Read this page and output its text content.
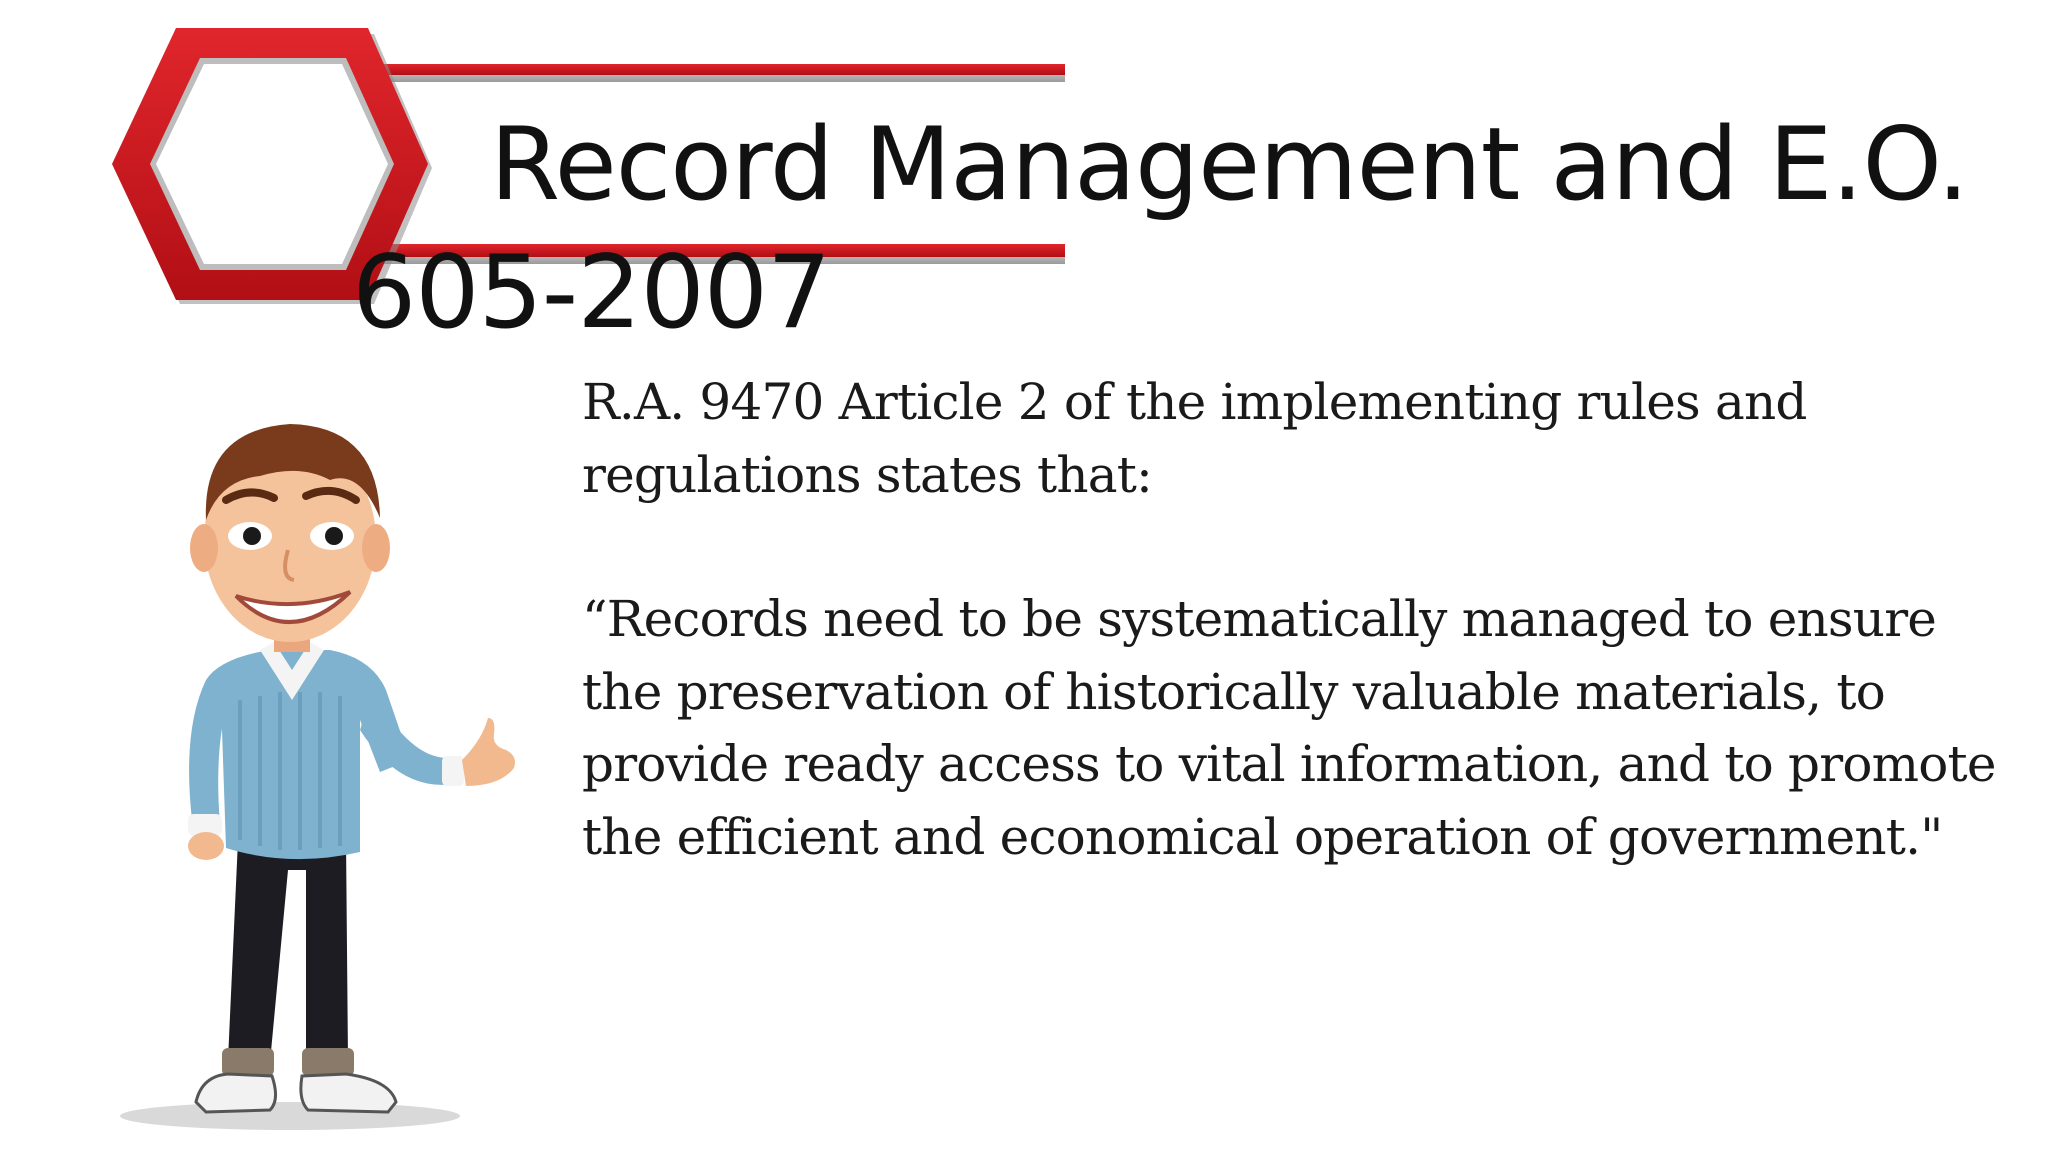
Record Management and E.O. 605-2007

R.A. 9470 Article 2 of the implementing rules and regulations states that:

“Records need to be systematically managed to ensure the preservation of historically valuable materials, to provide ready access to vital information, and to promote the efficient and economical operation of government."
